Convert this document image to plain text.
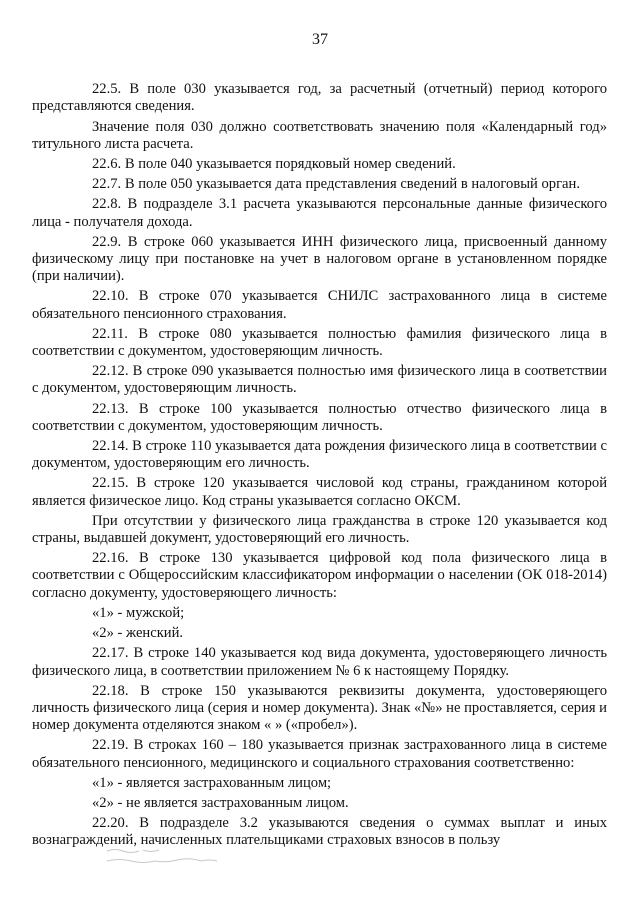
37
22.5. В поле 030 указывается год, за расчетный (отчетный) период которого представляются сведения.
Значение поля 030 должно соответствовать значению поля «Календарный год» титульного листа расчета.
22.6. В поле 040 указывается порядковый номер сведений.
22.7. В поле 050 указывается дата представления сведений в налоговый орган.
22.8. В подразделе 3.1 расчета указываются персональные данные физического лица - получателя дохода.
22.9. В строке 060 указывается ИНН физического лица, присвоенный данному физическому лицу при постановке на учет в налоговом органе в установленном порядке (при наличии).
22.10. В строке 070 указывается СНИЛС застрахованного лица в системе обязательного пенсионного страхования.
22.11. В строке 080 указывается полностью фамилия физического лица в соответствии с документом, удостоверяющим личность.
22.12. В строке 090 указывается полностью имя физического лица в соответствии с документом, удостоверяющим личность.
22.13. В строке 100 указывается полностью отчество физического лица в соответствии с документом, удостоверяющим личность.
22.14. В строке 110 указывается дата рождения физического лица в соответствии с документом, удостоверяющим его личность.
22.15. В строке 120 указывается числовой код страны, гражданином которой является физическое лицо. Код страны указывается согласно ОКСМ.
При отсутствии у физического лица гражданства в строке 120 указывается код страны, выдавшей документ, удостоверяющий его личность.
22.16. В строке 130 указывается цифровой код пола физического лица в соответствии с Общероссийским классификатором информации о населении (ОК 018-2014) согласно документу, удостоверяющего личность:
«1» - мужской;
«2» - женский.
22.17. В строке 140 указывается код вида документа, удостоверяющего личность физического лица, в соответствии приложением № 6 к настоящему Порядку.
22.18. В строке 150 указываются реквизиты документа, удостоверяющего личность физического лица (серия и номер документа). Знак «№» не проставляется, серия и номер документа отделяются знаком « » («пробел»).
22.19. В строках 160 – 180 указывается признак застрахованного лица в системе обязательного пенсионного, медицинского и социального страхования соответственно:
«1» - является застрахованным лицом;
«2» - не является застрахованным лицом.
22.20. В подразделе 3.2 указываются сведения о суммах выплат и иных вознаграждений, начисленных плательщиками страховых взносов в пользу
